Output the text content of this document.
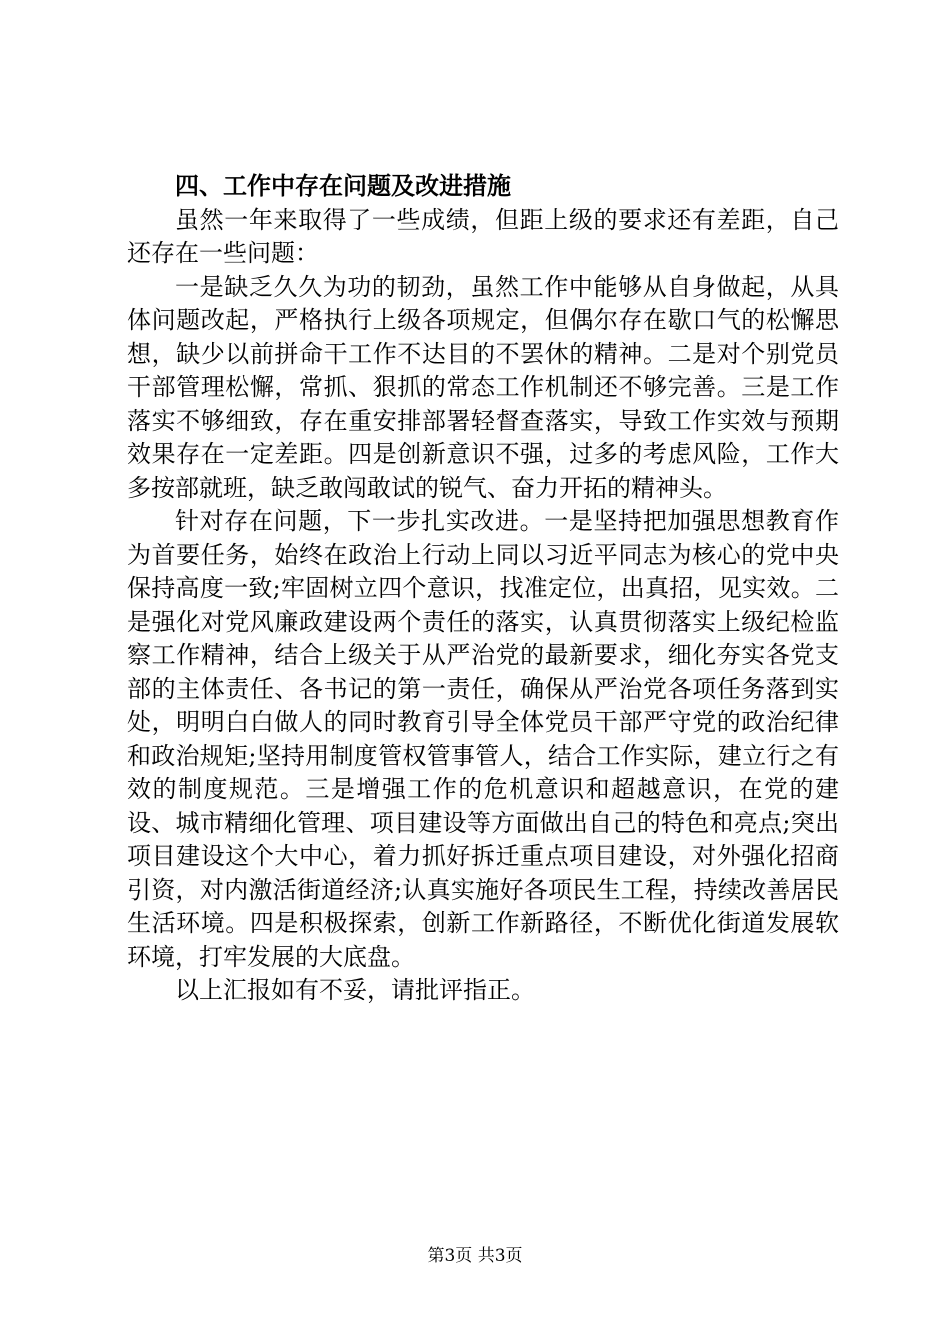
四、工作中存在问题及改进措施

虽然一年来取得了一些成绩，但距上级的要求还有差距，自己还存在一些问题：

一是缺乏久久为功的韧劲，虽然工作中能够从自身做起，从具体问题改起，严格执行上级各项规定，但偶尔存在歇口气的松懈思想，缺少以前拼命干工作不达目的不罢休的精神。二是对个别党员干部管理松懈，常抓、狠抓的常态工作机制还不够完善。三是工作落实不够细致，存在重安排部署轻督查落实，导致工作实效与预期效果存在一定差距。四是创新意识不强，过多的考虑风险，工作大多按部就班，缺乏敢闯敢试的锐气、奋力开拓的精神头。

针对存在问题，下一步扎实改进。一是坚持把加强思想教育作为首要任务，始终在政治上行动上同以习近平同志为核心的党中央保持高度一致;牢固树立四个意识，找准定位，出真招，见实效。二是强化对党风廉政建设两个责任的落实，认真贯彻落实上级纪检监察工作精神，结合上级关于从严治党的最新要求，细化夯实各党支部的主体责任、各书记的第一责任，确保从严治党各项任务落到实处，明明白白做人的同时教育引导全体党员干部严守党的政治纪律和政治规矩;坚持用制度管权管事管人，结合工作实际，建立行之有效的制度规范。三是增强工作的危机意识和超越意识，在党的建设、城市精细化管理、项目建设等方面做出自己的特色和亮点;突出项目建设这个大中心，着力抓好拆迁重点项目建设，对外强化招商引资，对内激活街道经济;认真实施好各项民生工程，持续改善居民生活环境。四是积极探索，创新工作新路径，不断优化街道发展软环境，打牢发展的大底盘。

以上汇报如有不妥，请批评指正。

第3页 共3页
